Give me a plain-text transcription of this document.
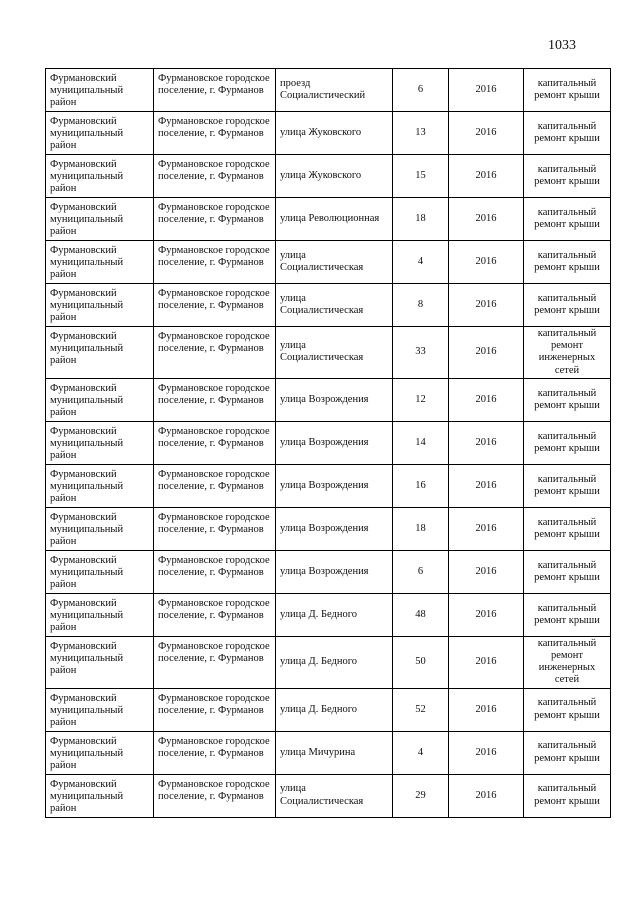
1033
Фурмановский муниципальный район	Фурмановское городское поселение, г. Фурманов	проезд Социалистический	6	2016	капитальный ремонт крыши
Фурмановский муниципальный район	Фурмановское городское поселение, г. Фурманов	улица Жуковского	13	2016	капитальный ремонт крыши
Фурмановский муниципальный район	Фурмановское городское поселение, г. Фурманов	улица Жуковского	15	2016	капитальный ремонт крыши
Фурмановский муниципальный район	Фурмановское городское поселение, г. Фурманов	улица Революционная	18	2016	капитальный ремонт крыши
Фурмановский муниципальный район	Фурмановское городское поселение, г. Фурманов	улица Социалистическая	4	2016	капитальный ремонт крыши
Фурмановский муниципальный район	Фурмановское городское поселение, г. Фурманов	улица Социалистическая	8	2016	капитальный ремонт крыши
Фурмановский муниципальный район	Фурмановское городское поселение, г. Фурманов	улица Социалистическая	33	2016	капитальный ремонт инженерных сетей
Фурмановский муниципальный район	Фурмановское городское поселение, г. Фурманов	улица Возрождения	12	2016	капитальный ремонт крыши
Фурмановский муниципальный район	Фурмановское городское поселение, г. Фурманов	улица Возрождения	14	2016	капитальный ремонт крыши
Фурмановский муниципальный район	Фурмановское городское поселение, г. Фурманов	улица Возрождения	16	2016	капитальный ремонт крыши
Фурмановский муниципальный район	Фурмановское городское поселение, г. Фурманов	улица Возрождения	18	2016	капитальный ремонт крыши
Фурмановский муниципальный район	Фурмановское городское поселение, г. Фурманов	улица Возрождения	6	2016	капитальный ремонт крыши
Фурмановский муниципальный район	Фурмановское городское поселение, г. Фурманов	улица Д. Бедного	48	2016	капитальный ремонт крыши
Фурмановский муниципальный район	Фурмановское городское поселение, г. Фурманов	улица Д. Бедного	50	2016	капитальный ремонт инженерных сетей
Фурмановский муниципальный район	Фурмановское городское поселение, г. Фурманов	улица Д. Бедного	52	2016	капитальный ремонт крыши
Фурмановский муниципальный район	Фурмановское городское поселение, г. Фурманов	улица Мичурина	4	2016	капитальный ремонт крыши
Фурмановский муниципальный район	Фурмановское городское поселение, г. Фурманов	улица Социалистическая	29	2016	капитальный ремонт крыши
